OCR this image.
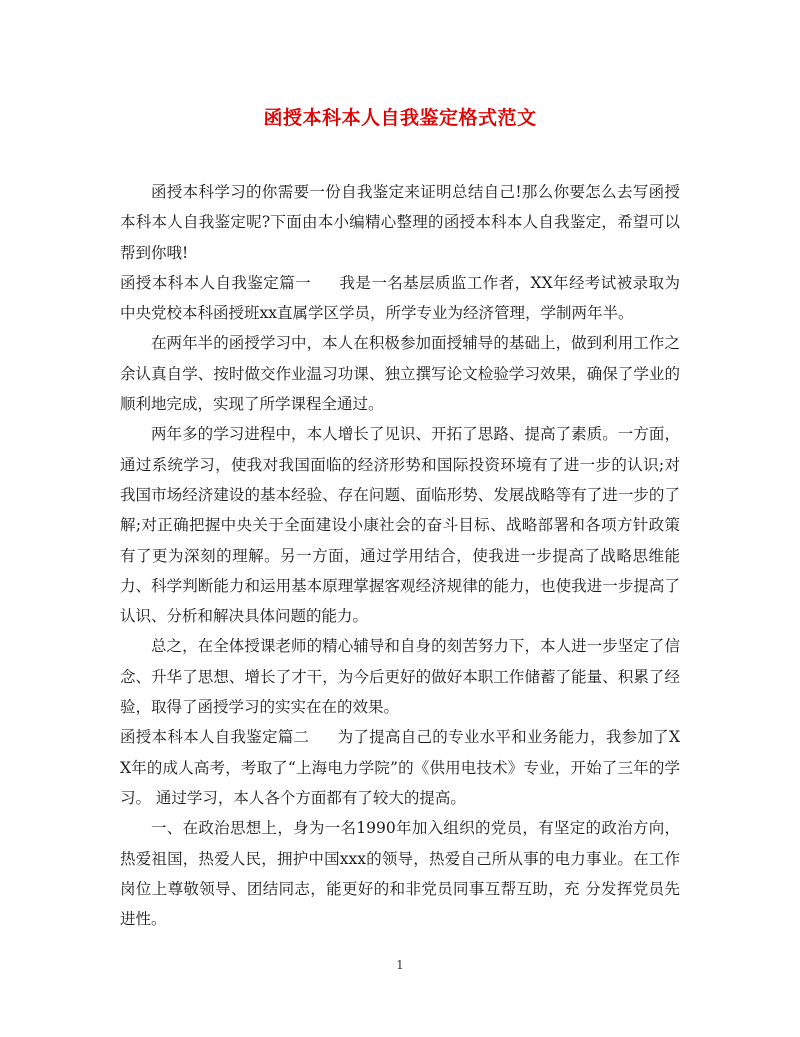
函授本科本人自我鉴定格式范文

函授本科学习的你需要一份自我鉴定来证明总结自己!那么你要怎么去写函授本科本人自我鉴定呢?下面由本小编精心整理的函授本科本人自我鉴定，希望可以帮到你哦!

函授本科本人自我鉴定篇一 我是一名基层质监工作者，XX年经考试被录取为中央党校本科函授班xx直属学区学员，所学专业为经济管理，学制两年半。

在两年半的函授学习中，本人在积极参加面授辅导的基础上，做到利用工作之余认真自学、按时做交作业温习功课、独立撰写论文检验学习效果，确保了学业的顺利地完成，实现了所学课程全通过。

两年多的学习进程中，本人增长了见识、开拓了思路、提高了素质。一方面，通过系统学习，使我对我国面临的经济形势和国际投资环境有了进一步的认识;对我国市场经济建设的基本经验、存在问题、面临形势、发展战略等有了进一步的了解;对正确把握中央关于全面建设小康社会的奋斗目标、战略部署和各项方针政策有了更为深刻的理解。另一方面，通过学用结合，使我进一步提高了战略思维能力、科学判断能力和运用基本原理掌握客观经济规律的能力，也使我进一步提高了认识、分析和解决具体问题的能力。

总之，在全体授课老师的精心辅导和自身的刻苦努力下，本人进一步坚定了信念、升华了思想、增长了才干，为今后更好的做好本职工作储蓄了能量、积累了经验，取得了函授学习的实实在在的效果。

函授本科本人自我鉴定篇二 为了提高自己的专业水平和业务能力，我参加了XX年的成人高考，考取了“上海电力学院”的《供用电技术》专业，开始了三年的学习。 通过学习，本人各个方面都有了较大的提高。

一、在政治思想上，身为一名1990年加入组织的党员，有坚定的政治方向，热爱祖国，热爱人民，拥护中国xxx的领导，热爱自己所从事的电力事业。在工作岗位上尊敬领导、团结同志，能更好的和非党员同事互帮互助，充 分发挥党员先进性。

1
